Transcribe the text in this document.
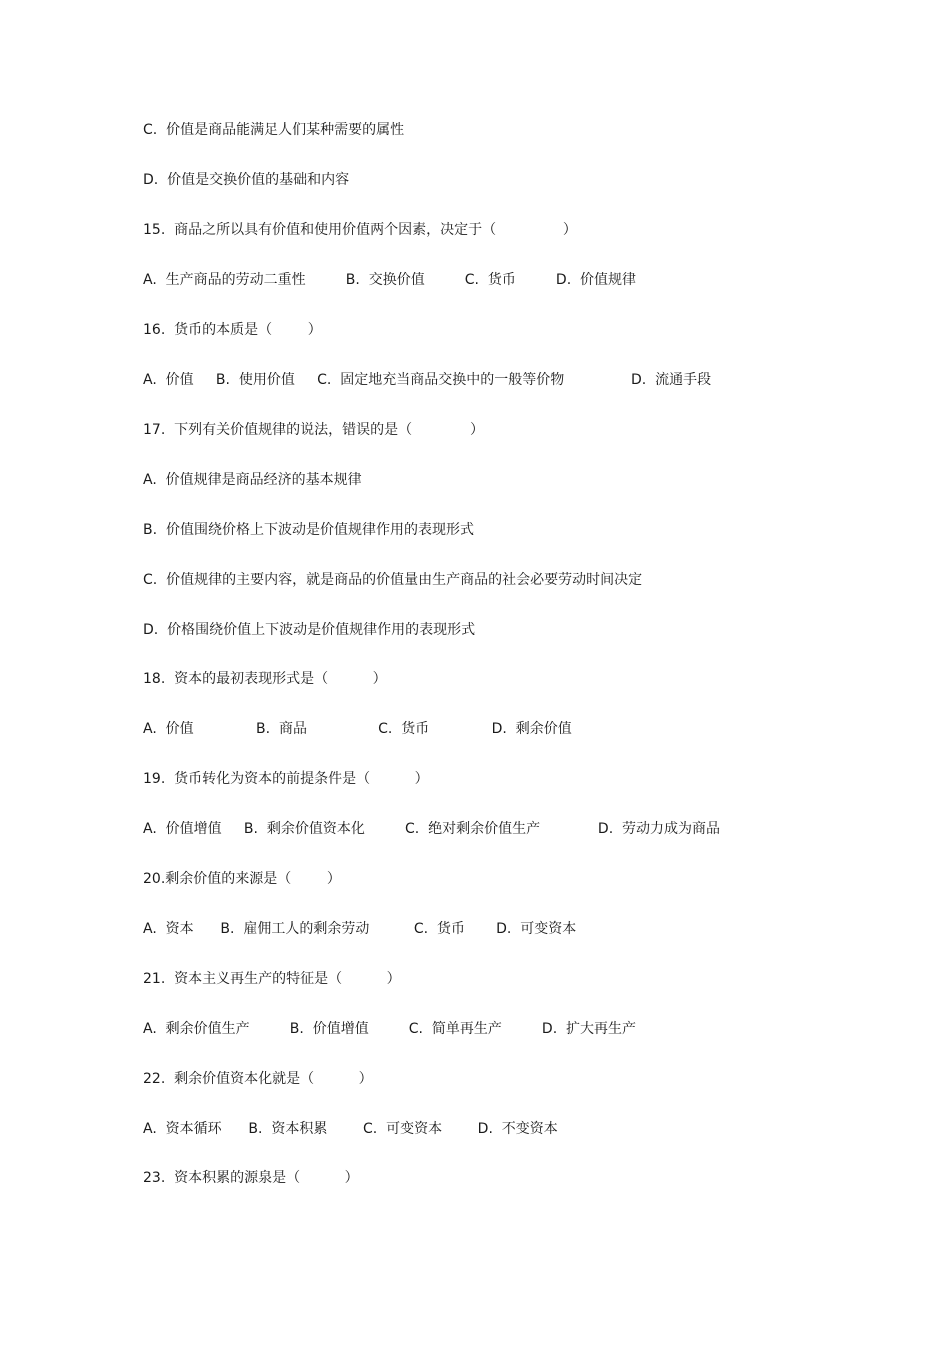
C.  价值是商品能满足人们某种需要的属性
D.  价值是交换价值的基础和内容
15.  商品之所以具有价值和使用价值两个因素，决定于（               ）
A.  生产商品的劳动二重性         B.  交换价值         C.  货币         D.  价值规律
16.  货币的本质是（        ）
A.  价值     B.  使用价值     C.  固定地充当商品交换中的一般等价物               D.  流通手段
17.  下列有关价值规律的说法，错误的是（             ）
A.  价值规律是商品经济的基本规律
B.  价值围绕价格上下波动是价值规律作用的表现形式
C.  价值规律的主要内容，就是商品的价值量由生产商品的社会必要劳动时间决定
D.  价格围绕价值上下波动是价值规律作用的表现形式
18.  资本的最初表现形式是（          ）
A.  价值              B.  商品                C.  货币              D.  剩余价值
19.  货币转化为资本的前提条件是（          ）
A.  价值增值     B.  剩余价值资本化         C.  绝对剩余价值生产             D.  劳动力成为商品
20.剩余价值的来源是（        ）
A.  资本      B.  雇佣工人的剩余劳动          C.  货币       D.  可变资本
21.  资本主义再生产的特征是（          ）
A.  剩余价值生产         B.  价值增值         C.  简单再生产         D.  扩大再生产
22.  剩余价值资本化就是（          ）
A.  资本循环      B.  资本积累        C.  可变资本        D.  不变资本
23.  资本积累的源泉是（          ）
